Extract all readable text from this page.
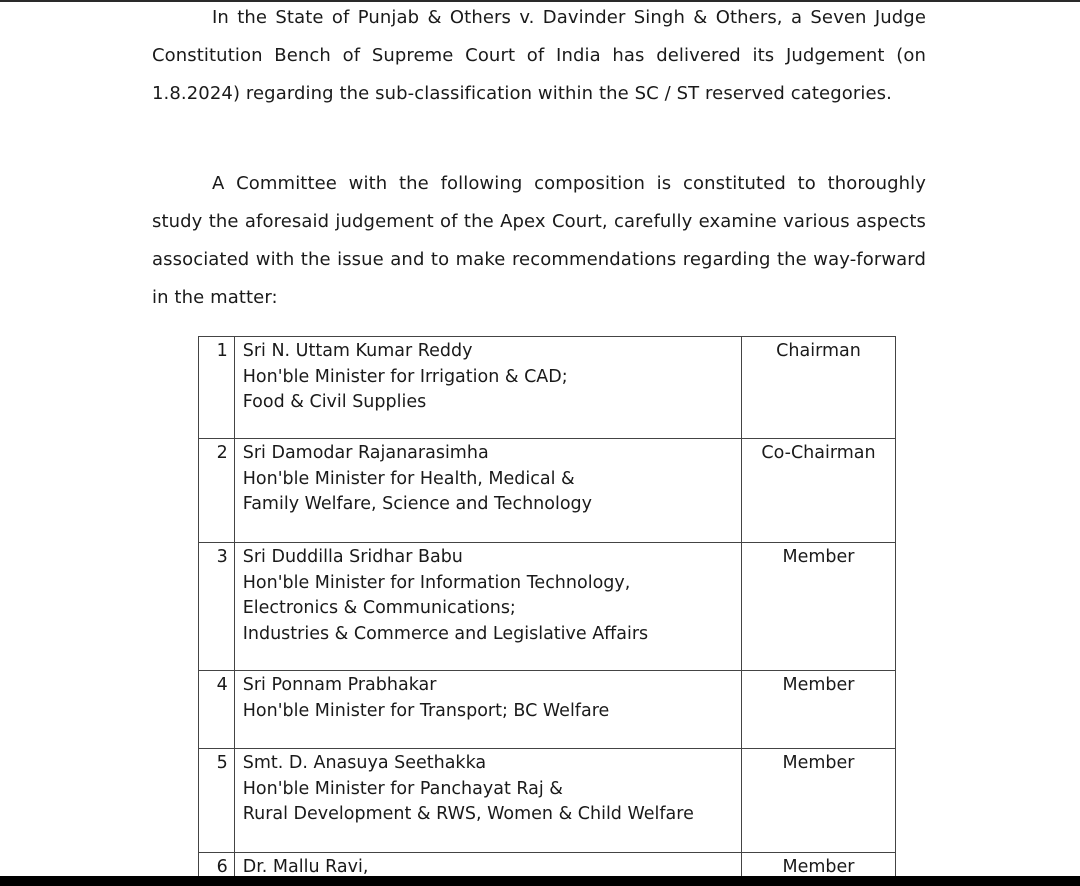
In the State of Punjab & Others v. Davinder Singh & Others, a Seven Judge Constitution Bench of Supreme Court of India has delivered its Judgement (on 1.8.2024) regarding the sub-classification within the SC / ST reserved categories.
A Committee with the following composition is constituted to thoroughly study the aforesaid judgement of the Apex Court, carefully examine various aspects associated with the issue and to make recommendations regarding the way-forward in the matter:
1	Sri N. Uttam Kumar Reddy
Hon'ble Minister for Irrigation & CAD;
Food & Civil Supplies	Chairman
2	Sri Damodar Rajanarasimha
Hon'ble Minister for Health, Medical &
Family Welfare, Science and Technology	Co-Chairman
3	Sri Duddilla Sridhar Babu
Hon'ble Minister for Information Technology,
Electronics & Communications;
Industries & Commerce and Legislative Affairs	Member
4	Sri Ponnam Prabhakar
Hon'ble Minister for Transport; BC Welfare	Member
5	Smt. D. Anasuya Seethakka
Hon'ble Minister for Panchayat Raj &
Rural Development & RWS, Women & Child Welfare	Member
6	Dr. Mallu Ravi,	Member
